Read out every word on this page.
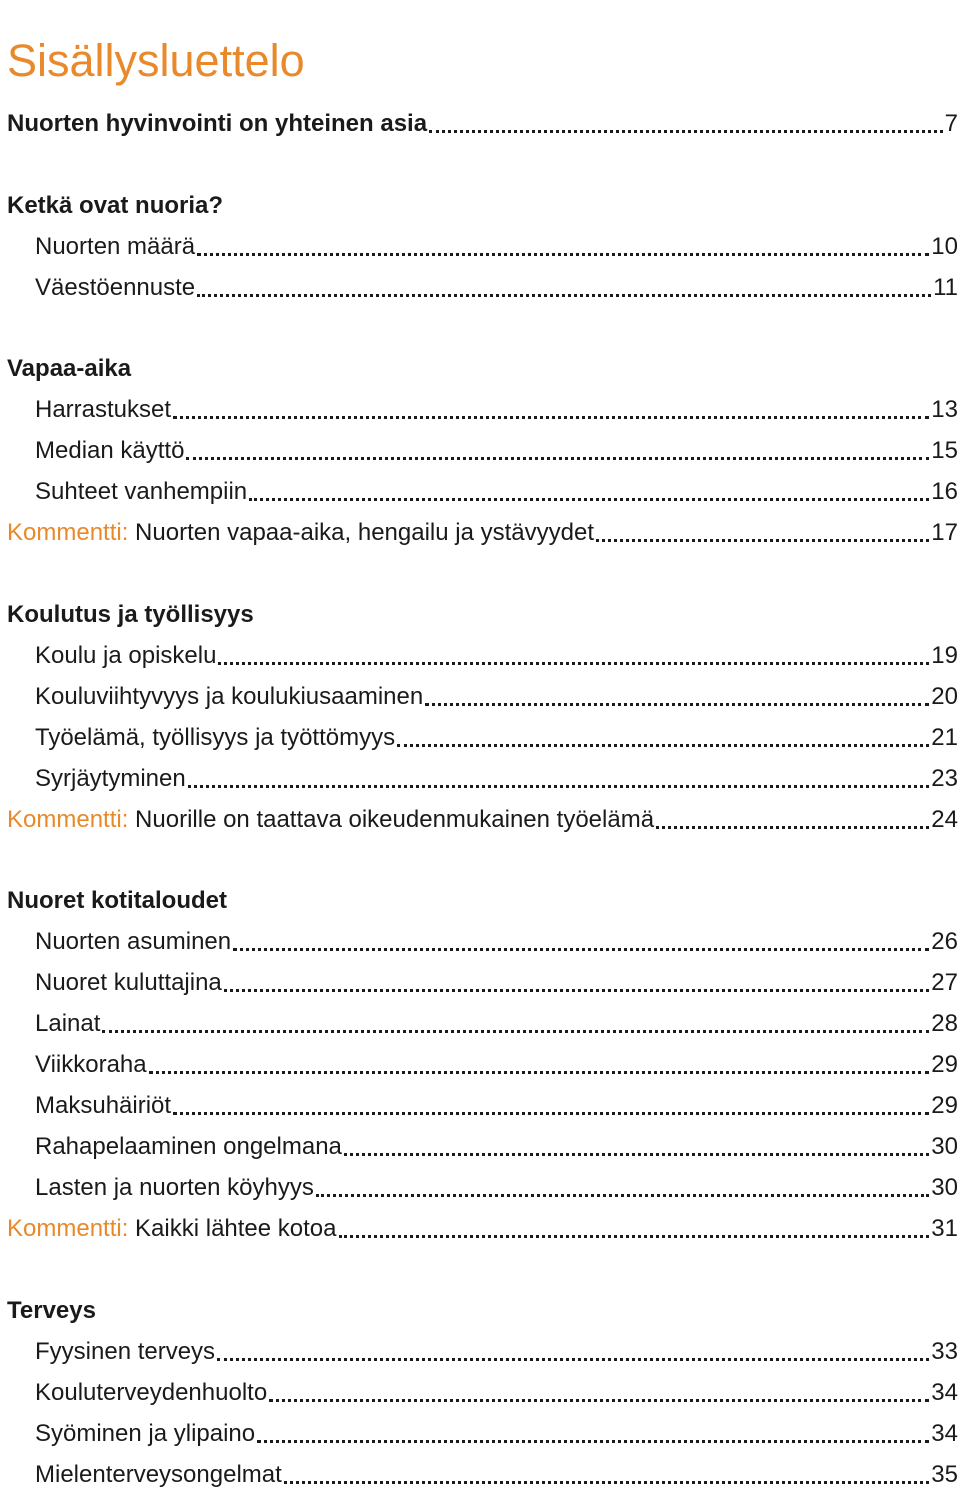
Sisällysluettelo
Nuorten hyvinvointi on yhteinen asia	7
Ketkä ovat nuoria?
Nuorten määrä	10
Väestöennuste	11
Vapaa-aika
Harrastukset	13
Median käyttö	15
Suhteet vanhempiin	16
Kommentti: Nuorten vapaa-aika, hengailu ja ystävyydet	17
Koulutus ja työllisyys
Koulu ja opiskelu	19
Kouluviihtyvyys ja koulukiusaaminen	20
Työelämä, työllisyys ja työttömyys	21
Syrjäytyminen	23
Kommentti: Nuorille on taattava oikeudenmukainen työelämä	24
Nuoret kotitaloudet
Nuorten asuminen	26
Nuoret kuluttajina	27
Lainat	28
Viikkoraha	29
Maksuhäiriöt	29
Rahapelaaminen ongelmana	30
Lasten ja nuorten köyhyys	30
Kommentti: Kaikki lähtee kotoa	31
Terveys
Fyysinen terveys	33
Kouluterveydenhuolto	34
Syöminen ja ylipaino	34
Mielenterveysongelmat	35
